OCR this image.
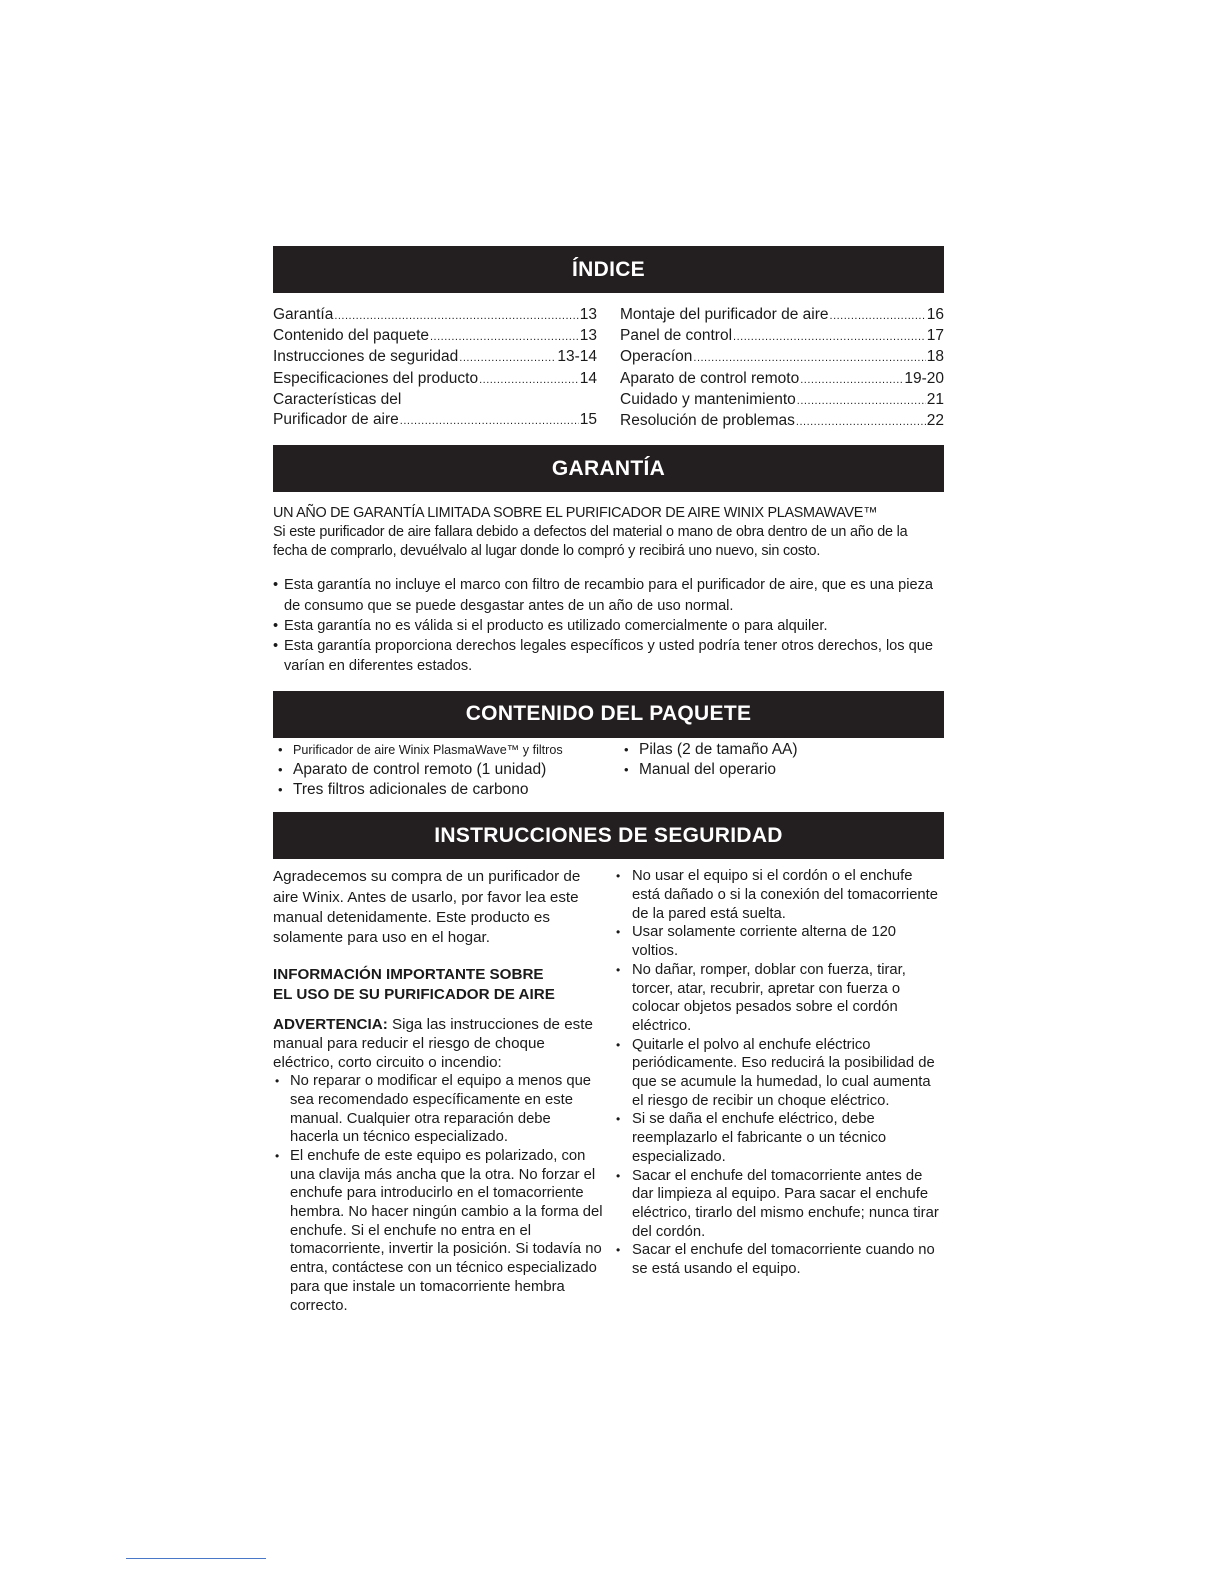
ÍNDICE
Garantía .....	13
Contenido del paquete .....	13
Instrucciones de seguridad .....	13-14
Especificaciones del producto .....	14
Características del
Purificador de aire .....	15
Montaje del purificador de aire .....	16
Panel de control .....	17
Operacíon .....	18
Aparato de control remoto .....	19-20
Cuidado y mantenimiento .....	21
Resolución de problemas .....	22
GARANTÍA
UN AÑO DE GARANTÍA LIMITADA SOBRE EL PURIFICADOR DE AIRE WINIX PLASMAWAVE™
Si este purificador de aire fallara debido a defectos del material o mano de obra dentro de un año de la fecha de comprarlo, devuélvalo al lugar donde lo compró y recibirá uno nuevo, sin costo.
• Esta garantía no incluye el marco con filtro de recambio para el purificador de aire, que es una pieza de consumo que se puede desgastar antes de un año de uso normal.
• Esta garantía no es válida si el producto es utilizado comercialmente o para alquiler.
• Esta garantía proporciona derechos legales específicos y usted podría tener otros derechos, los que varían en diferentes estados.
CONTENIDO DEL PAQUETE
• Purificador de aire Winix PlasmaWave™ y filtros
• Aparato de control remoto (1 unidad)
• Tres filtros adicionales de carbono
• Pilas (2 de tamaño AA)
• Manual del operario
INSTRUCCIONES DE SEGURIDAD

Agradecemos su compra de un purificador de aire Winix. Antes de usarlo, por favor lea este manual detenidamente. Este producto es solamente para uso en el hogar.

INFORMACIÓN IMPORTANTE SOBRE
EL USO DE SU PURIFICADOR DE AIRE
ADVERTENCIA: Siga las instrucciones de este manual para reducir el riesgo de choque eléctrico, corto circuito o incendio:
• No reparar o modificar el equipo a menos que sea recomendado específicamente en este manual. Cualquier otra reparación debe hacerla un técnico especializado.
• El enchufe de este equipo es polarizado, con una clavija más ancha que la otra. No forzar el enchufe para introducirlo en el tomacorriente hembra. No hacer ningún cambio a la forma del enchufe. Si el enchufe no entra en el tomacorriente, invertir la posición. Si todavía no entra, contáctese con un técnico especializado para que instale un tomacorriente hembra correcto.
• No usar el equipo si el cordón o el enchufe está dañado o si la conexión del tomacorriente de la pared está suelta.
• Usar solamente corriente alterna de 120 voltios.
• No dañar, romper, doblar con fuerza, tirar, torcer, atar, recubrir, apretar con fuerza o colocar objetos pesados sobre el cordón eléctrico.
• Quitarle el polvo al enchufe eléctrico periódicamente. Eso reducirá la posibilidad de que se acumule la humedad, lo cual aumenta el riesgo de recibir un choque eléctrico.
• Si se daña el enchufe eléctrico, debe reemplazarlo el fabricante o un técnico especializado.
• Sacar el enchufe del tomacorriente antes de dar limpieza al equipo. Para sacar el enchufe eléctrico, tirarlo del mismo enchufe; nunca tirar del cordón.
• Sacar el enchufe del tomacorriente cuando no se está usando el equipo.
